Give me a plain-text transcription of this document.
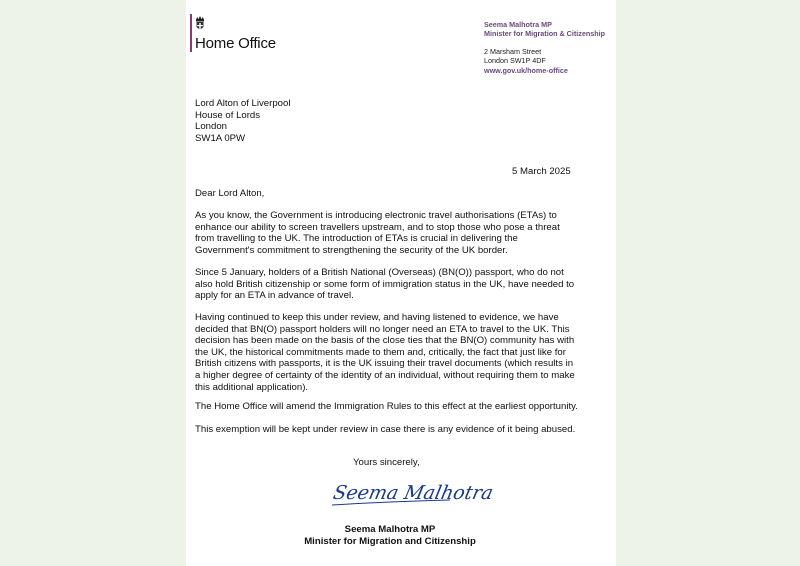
Home Office
Seema Malhotra MP
Minister for Migration & Citizenship
2 Marsham Street
London SW1P 4DF
www.gov.uk/home-office
Lord Alton of Liverpool
House of Lords
London
SW1A 0PW
5 March 2025
Dear Lord Alton,
As you know, the Government is introducing electronic travel authorisations (ETAs) to
enhance our ability to screen travellers upstream, and to stop those who pose a threat
from travelling to the UK. The introduction of ETAs is crucial in delivering the
Government's commitment to strengthening the security of the UK border.
Since 5 January, holders of a British National (Overseas) (BN(O)) passport, who do not
also hold British citizenship or some form of immigration status in the UK, have needed to
apply for an ETA in advance of travel.
Having continued to keep this under review, and having listened to evidence, we have
decided that BN(O) passport holders will no longer need an ETA to travel to the UK. This
decision has been made on the basis of the close ties that the BN(O) community has with
the UK, the historical commitments made to them and, critically, the fact that just like for
British citizens with passports, it is the UK issuing their travel documents (which results in
a higher degree of certainty of the identity of an individual, without requiring them to make
this additional application).
The Home Office will amend the Immigration Rules to this effect at the earliest opportunity.
This exemption will be kept under review in case there is any evidence of it being abused.
Yours sincerely,
Seema Malhotra
Seema Malhotra MP
Minister for Migration and Citizenship
